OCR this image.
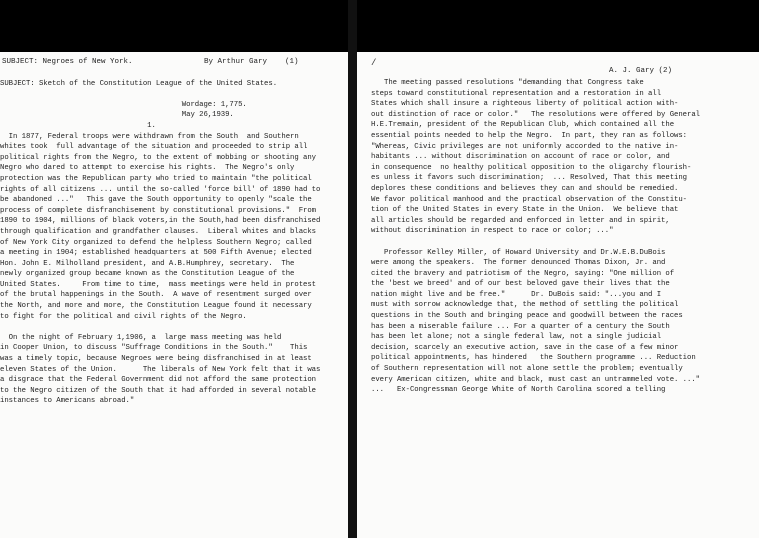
SUBJECT: Negroes of New York.	By Arthur Gary    (1)
SUBJECT: Sketch of the Constitution League of the United States.
Wordage: 1,775.
May 26,1939.
1.
In 1877, Federal troops were withdrawn from the South  and Southern
whites took  full advantage of the situation and proceeded to strip all
political rights from the Negro, to the extent of mobbing or shooting any
Negro who dared to attempt to exercise his rights.  The Negro's only
protection was the Republican party who tried to maintain "the political
rights of all citizens ... until the so-called 'force bill' of 1890 had to
be abandoned ..."   This gave the South opportunity to openly "scale the
process of complete disfranchisement by constitutional provisions."  From
1890 to 1904, millions of black voters,in the South,had been disfranchised
through qualification and grandfather clauses.  Liberal whites and blacks
of New York City organized to defend the helpless Southern Negro; called
a meeting in 1904; established headquarters at 500 Fifth Avenue; elected
Hon. John E. Milholland president, and A.B.Humphrey, secretary.  The
newly organized group became known as the Constitution League of the
United States.     From time to time,  mass meetings were held in protest
of the brutal happenings in the South.  A wave of resentment surged over
the North, and more and more, the Constitution League found it necessary
to fight for the political and civil rights of the Negro.
On the night of February 1,1906, a  large mass meeting was held
in Cooper Union, to discuss "Suffrage Conditions in the South."    This
was a timely topic, because Negroes were being disfranchised in at least
eleven States of the Union.      The liberals of New York felt that it was
a disgrace that the Federal Government did not afford the same protection
to the Negro citizen of the South that it had afforded in several notable
instances to Americans abroad."
/
A. J. Gary (2)
The meeting passed resolutions "demanding that Congress take
steps toward constitutional representation and a restoration in all
States which shall insure a righteous liberty of political action with-
out distinction of race or color."   The resolutions were offered by General
H.E.Tremain, president of the Republican Club, which contained all the
essential points needed to help the Negro.  In part, they ran as follows:
"Whereas, Civic privileges are not uniformly accorded to the native in-
habitants ... without discrimination on account of race or color, and
in consequence  no healthy political opposition to the oligarchy flourish-
es unless it favors such discrimination;  ... Resolved, That this meeting
deplores these conditions and believes they can and should be remedied.
We favor political manhood and the practical observation of the Constitu-
tion of the United States in every State in the Union.  We believe that
all articles should be regarded and enforced in letter and in spirit,
without discrimination in respect to race or color; ..."
Professor Kelley Miller, of Howard University and Dr.W.E.B.DuBois
were among the speakers.  The former denounced Thomas Dixon, Jr. and
cited the bravery and patriotism of the Negro, saying: "One million of
the 'best we breed' and of our best beloved gave their lives that the
nation might live and be free."      Dr. DuBois said: "...you and I
must with sorrow acknowledge that, the method of settling the political
questions in the South and bringing peace and goodwill between the races
has been a miserable failure ... For a quarter of a century the South
has been let alone; not a single federal law, not a single judicial
decision, scarcely an executive action, save in the case of a few minor
political appointments, has hindered   the Southern programme ... Reduction
of Southern representation will not alone settle the problem; eventually
every American citizen, white and black, must cast an untrammeled vote. ..."
...   Ex-Congressman George White of North Carolina scored a telling
